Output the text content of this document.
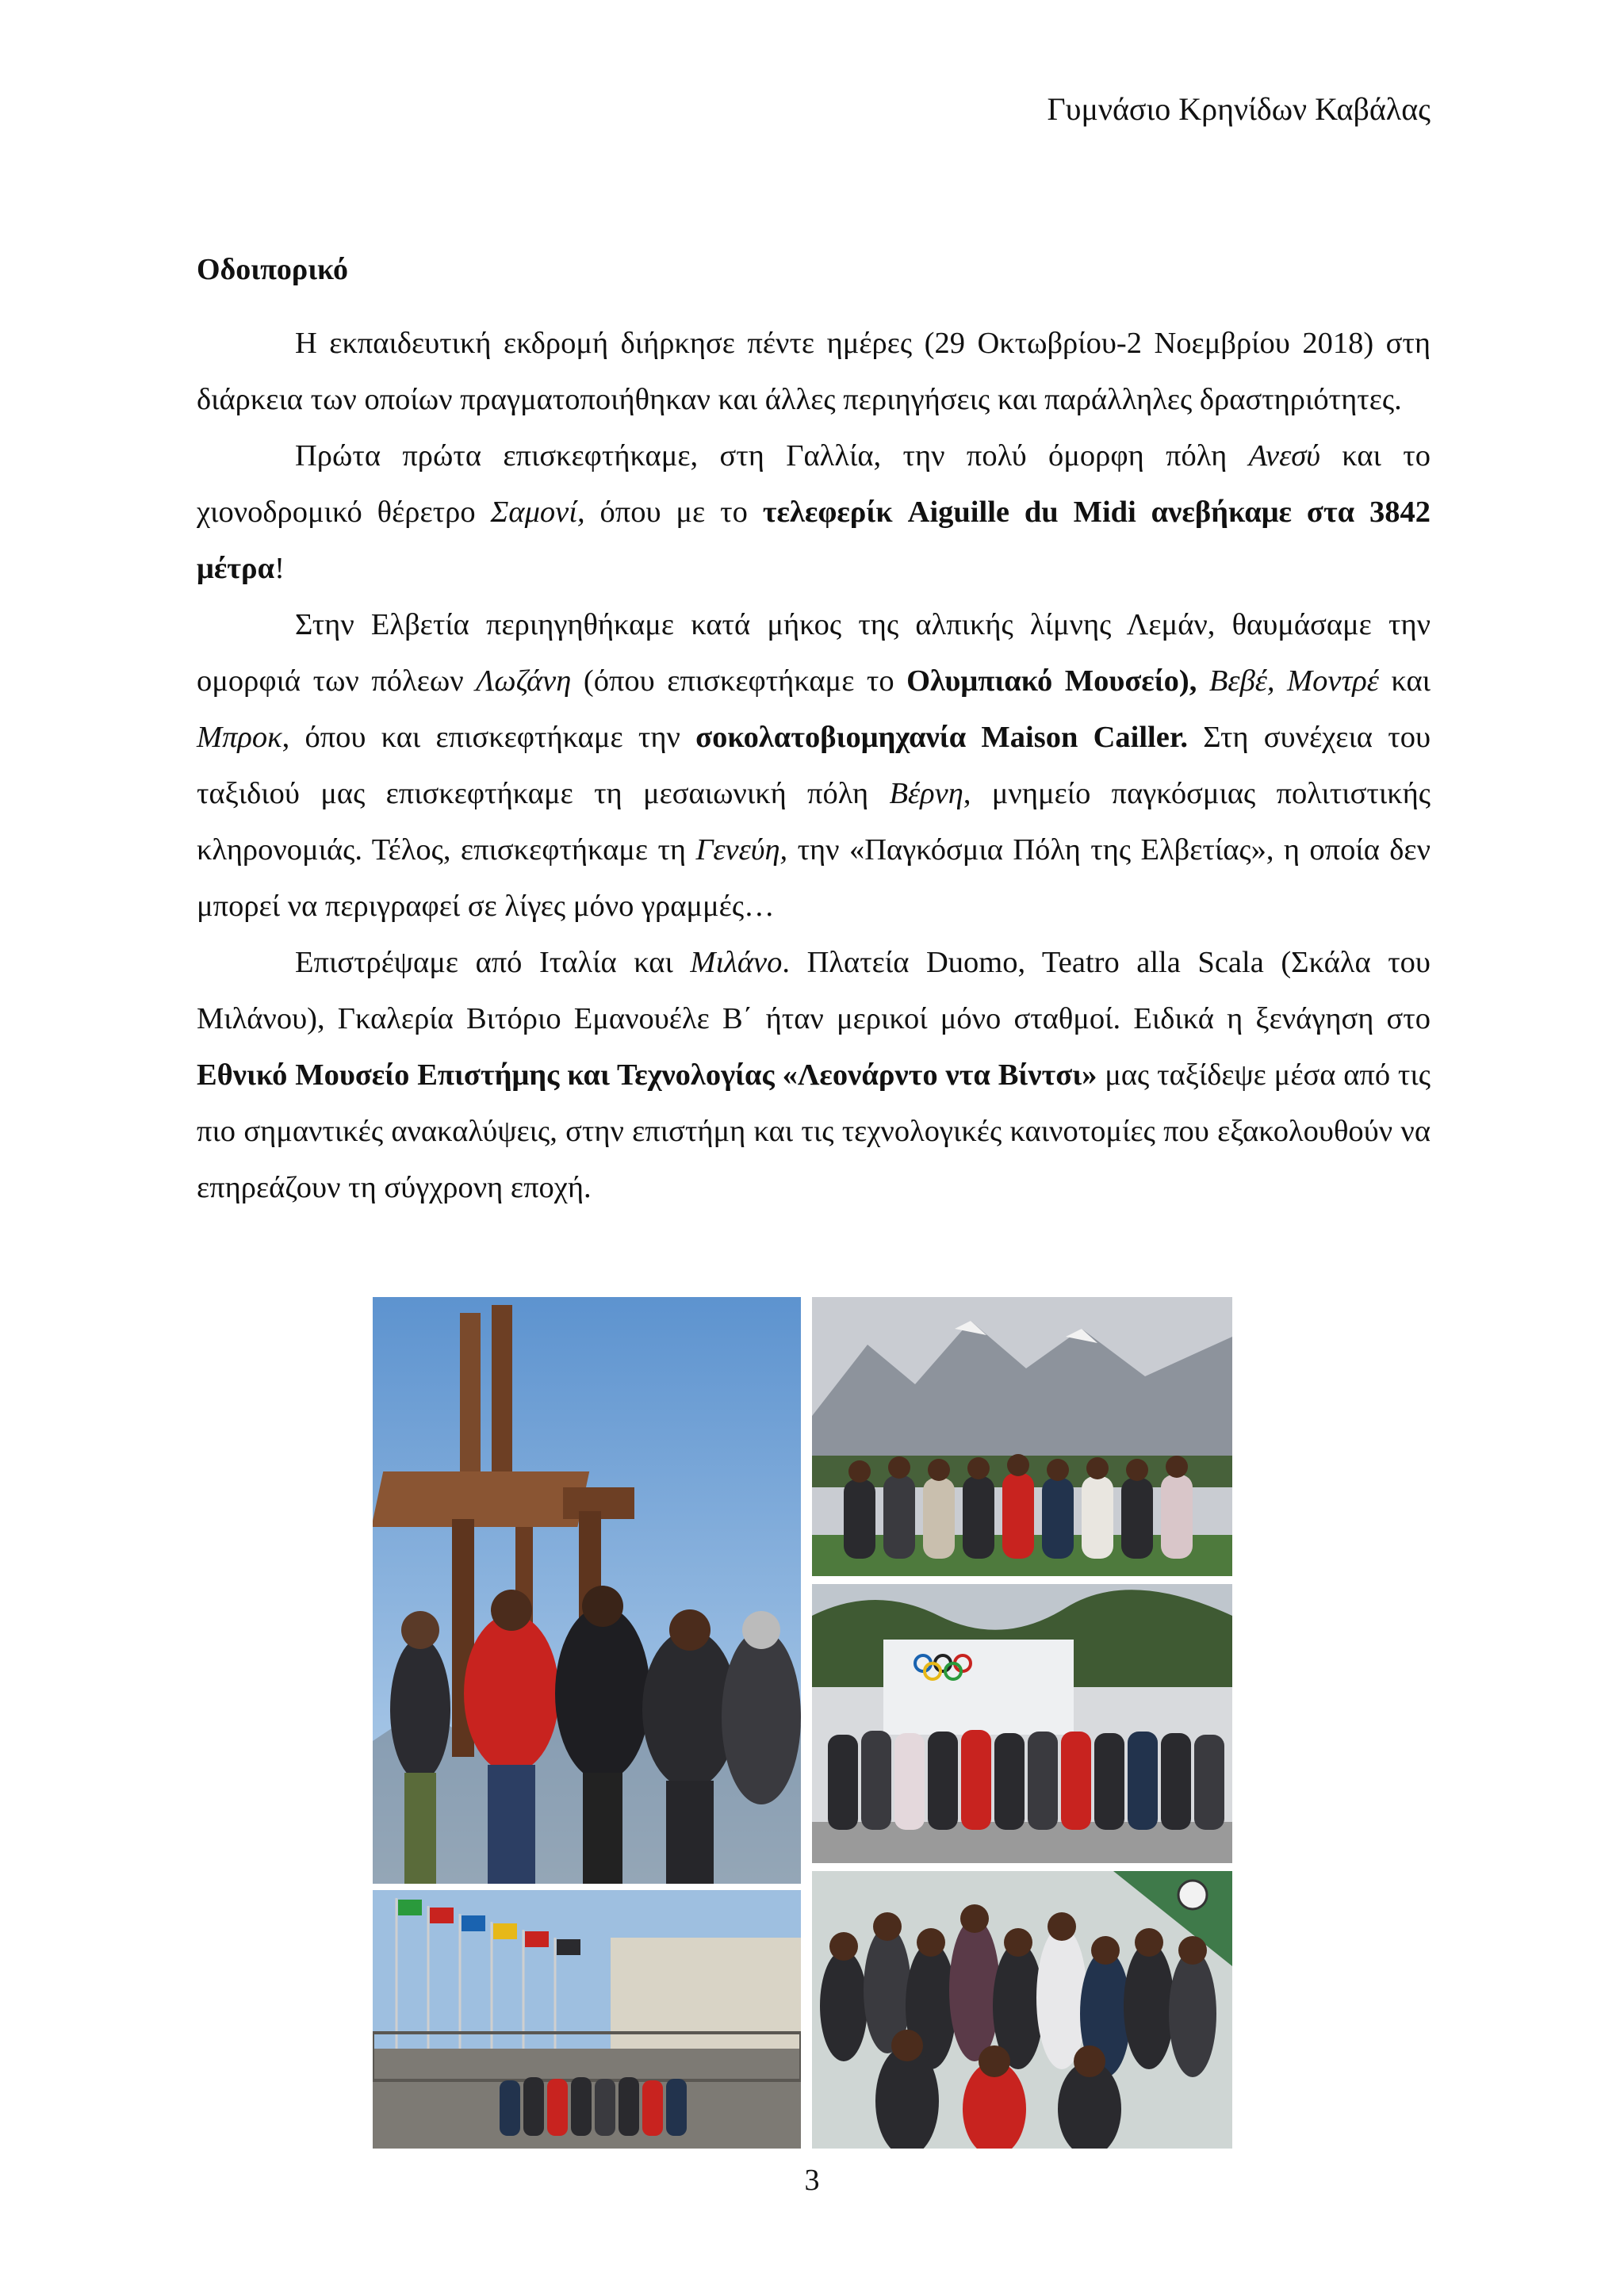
Γυμνάσιο Κρηνίδων Καβάλας
Οδοιπορικό

Η εκπαιδευτική εκδρομή διήρκησε πέντε ημέρες (29 Οκτωβρίου-2 Νοεμβρίου 2018) στη διάρκεια των οποίων πραγματοποιήθηκαν και άλλες περιηγήσεις και παράλληλες δραστηριότητες.

Πρώτα πρώτα επισκεφτήκαμε, στη Γαλλία, την πολύ όμορφη πόλη Ανεσύ και το χιονοδρομικό θέρετρο Σαμονί, όπου με το τελεφερίκ Aiguille du Midi ανεβήκαμε στα 3842 μέτρα!

Στην Ελβετία περιηγηθήκαμε κατά μήκος της αλπικής λίμνης Λεμάν, θαυμάσαμε την ομορφιά των πόλεων Λωζάνη (όπου επισκεφτήκαμε το Ολυμπιακό Μουσείο), Βεβέ, Μοντρέ και Μπροκ, όπου και επισκεφτήκαμε την σοκολατοβιομηχανία Maison Cailler. Στη συνέχεια του ταξιδιού μας επισκεφτήκαμε τη μεσαιωνική πόλη Βέρνη, μνημείο παγκόσμιας πολιτιστικής κληρονομιάς. Τέλος, επισκεφτήκαμε τη Γενεύη, την «Παγκόσμια Πόλη της Ελβετίας», η οποία δεν μπορεί να περιγραφεί σε λίγες μόνο γραμμές…

Επιστρέψαμε από Ιταλία και Μιλάνο. Πλατεία Duomo, Teatro alla Scala (Σκάλα του Μιλάνου), Γκαλερία Βιτόριο Εμανουέλε Β΄ ήταν μερικοί μόνο σταθμοί. Ειδικά η ξενάγηση στο Εθνικό Μουσείο Επιστήμης και Τεχνολογίας «Λεονάρντο ντα Βίντσι» μας ταξίδεψε μέσα από τις πιο σημαντικές ανακαλύψεις, στην επιστήμη και τις τεχνολογικές καινοτομίες που εξακολουθούν να επηρεάζουν τη σύγχρονη εποχή.

3
